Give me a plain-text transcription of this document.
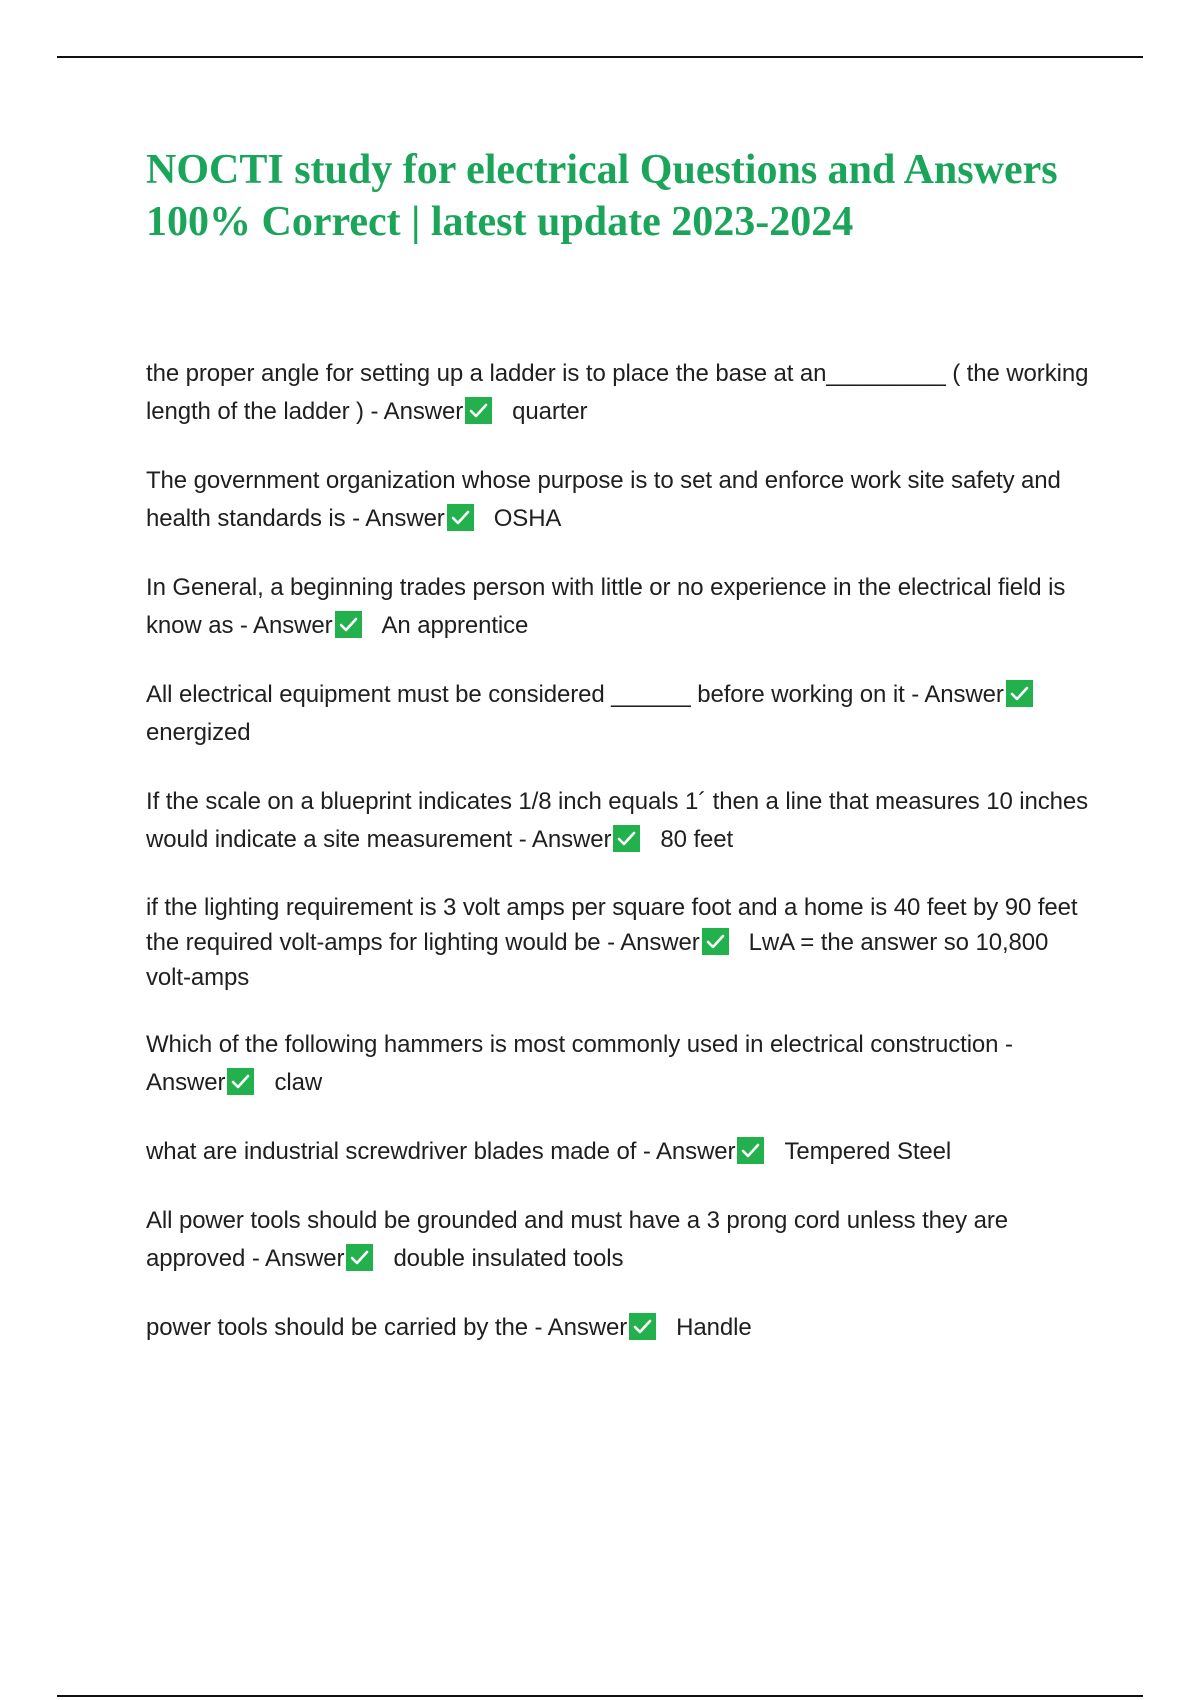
NOCTI study for electrical Questions and Answers 100% Correct | latest update 2023-2024
the proper angle for setting up a ladder is to place the base at an_________ ( the working length of the ladder ) - Answer quarter
The government organization whose purpose is to set and enforce work site safety and health standards is - Answer OSHA
In General, a beginning trades person with little or no experience in the electrical field is know as - Answer An apprentice
All electrical equipment must be considered ______ before working on it - Answer
energized
If the scale on a blueprint indicates 1/8 inch equals 1´ then a line that measures 10 inches would indicate a site measurement - Answer 80 feet
if the lighting requirement is 3 volt amps per square foot and a home is 40 feet by 90 feet the required volt-amps for lighting would be - Answer LwA = the answer so 10,800 volt-amps
Which of the following hammers is most commonly used in electrical construction - Answer claw
what are industrial screwdriver blades made of - Answer Tempered Steel
All power tools should be grounded and must have a 3 prong cord unless they are approved - Answer double insulated tools
power tools should be carried by the - Answer Handle
